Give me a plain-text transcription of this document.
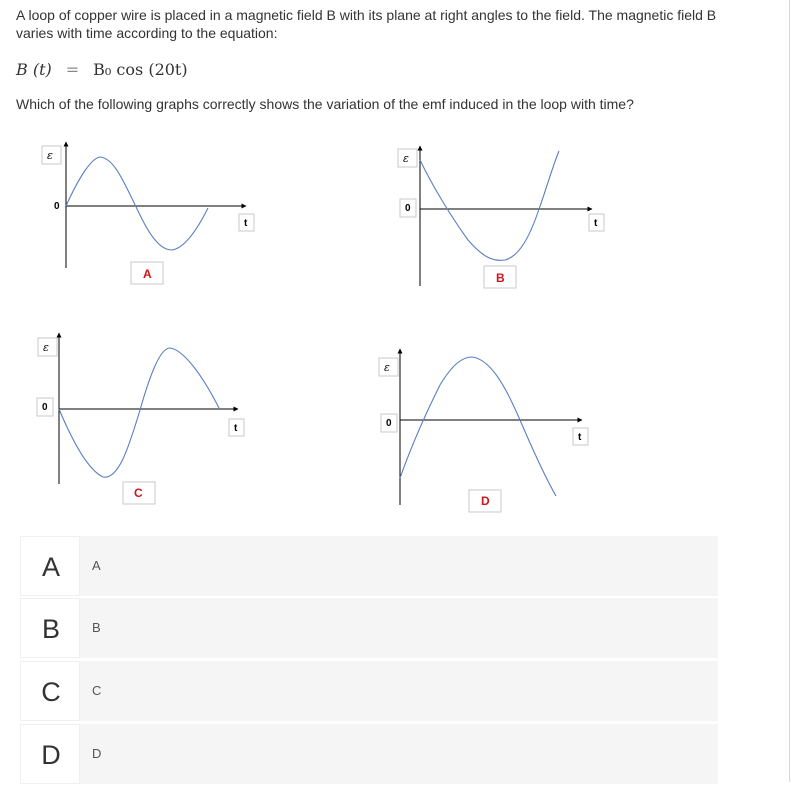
A loop of copper wire is placed in a magnetic field B with its plane at right angles to the field. The magnetic field B varies with time according to the equation:
B (t) = B₀ cos (20t)
Which of the following graphs correctly shows the variation of the emf induced in the loop with time?
ε
0
t
A
ε
0
t
B
ε
0
t
C
ε
0
t
D
A	A
B	B
C	C
D	D
